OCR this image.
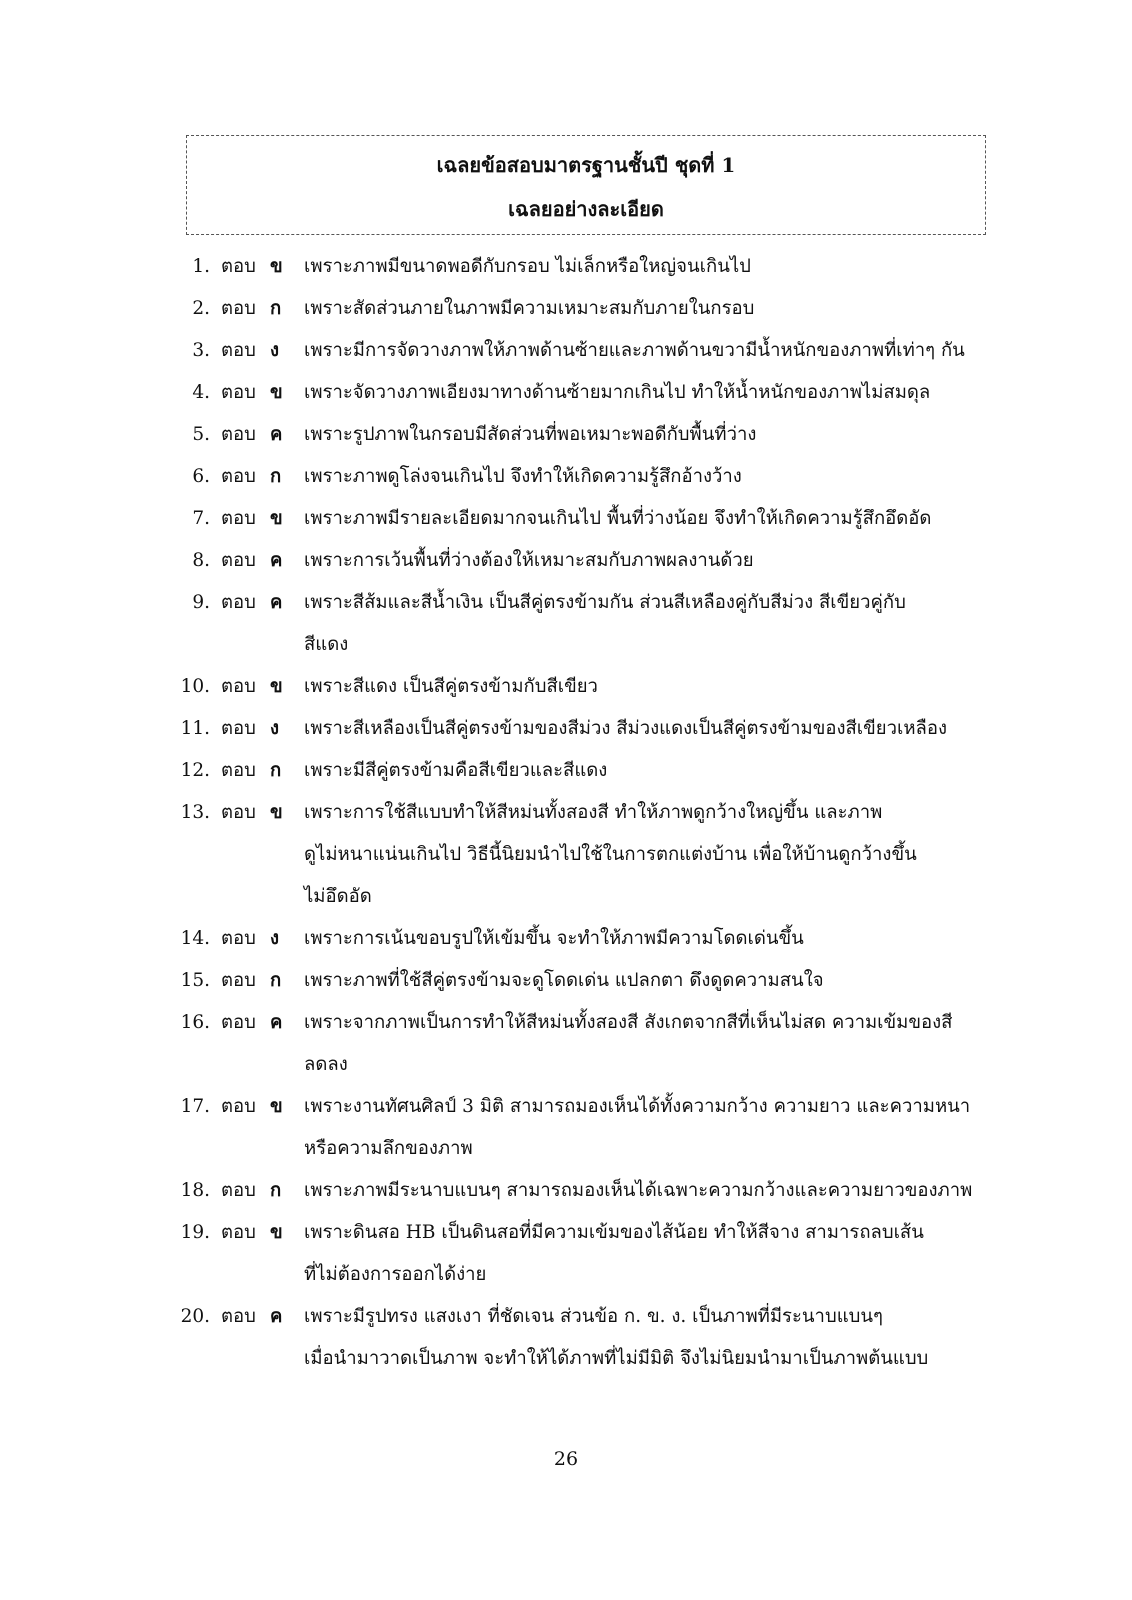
เฉลยข้อสอบมาตรฐานชั้นปี ชุดที่ 1
เฉลยอย่างละเอียด
1. ตอบ ข เพราะภาพมีขนาดพอดีกับกรอบ ไม่เล็กหรือใหญ่จนเกินไป
2. ตอบ ก เพราะสัดส่วนภายในภาพมีความเหมาะสมกับภายในกรอบ
3. ตอบ ง เพราะมีการจัดวางภาพให้ภาพด้านซ้ายและภาพด้านขวามีน้ำหนักของภาพที่เท่าๆ กัน
4. ตอบ ข เพราะจัดวางภาพเอียงมาทางด้านซ้ายมากเกินไป ทำให้น้ำหนักของภาพไม่สมดุล
5. ตอบ ค เพราะรูปภาพในกรอบมีสัดส่วนที่พอเหมาะพอดีกับพื้นที่ว่าง
6. ตอบ ก เพราะภาพดูโล่งจนเกินไป จึงทำให้เกิดความรู้สึกอ้างว้าง
7. ตอบ ข เพราะภาพมีรายละเอียดมากจนเกินไป พื้นที่ว่างน้อย จึงทำให้เกิดความรู้สึกอึดอัด
8. ตอบ ค เพราะการเว้นพื้นที่ว่างต้องให้เหมาะสมกับภาพผลงานด้วย
9. ตอบ ค เพราะสีส้มและสีน้ำเงิน เป็นสีคู่ตรงข้ามกัน ส่วนสีเหลืองคู่กับสีม่วง สีเขียวคู่กับ
สีแดง
10. ตอบ ข เพราะสีแดง เป็นสีคู่ตรงข้ามกับสีเขียว
11. ตอบ ง เพราะสีเหลืองเป็นสีคู่ตรงข้ามของสีม่วง สีม่วงแดงเป็นสีคู่ตรงข้ามของสีเขียวเหลือง
12. ตอบ ก เพราะมีสีคู่ตรงข้ามคือสีเขียวและสีแดง
13. ตอบ ข เพราะการใช้สีแบบทำให้สีหม่นทั้งสองสี ทำให้ภาพดูกว้างใหญ่ขึ้น และภาพ
ดูไม่หนาแน่นเกินไป วิธีนี้นิยมนำไปใช้ในการตกแต่งบ้าน เพื่อให้บ้านดูกว้างขึ้น
ไม่อึดอัด
14. ตอบ ง เพราะการเน้นขอบรูปให้เข้มขึ้น จะทำให้ภาพมีความโดดเด่นขึ้น
15. ตอบ ก เพราะภาพที่ใช้สีคู่ตรงข้ามจะดูโดดเด่น แปลกตา ดึงดูดความสนใจ
16. ตอบ ค เพราะจากภาพเป็นการทำให้สีหม่นทั้งสองสี สังเกตจากสีที่เห็นไม่สด ความเข้มของสี
ลดลง
17. ตอบ ข เพราะงานทัศนศิลป์ 3 มิติ สามารถมองเห็นได้ทั้งความกว้าง ความยาว และความหนา
หรือความลึกของภาพ
18. ตอบ ก เพราะภาพมีระนาบแบนๆ สามารถมองเห็นได้เฉพาะความกว้างและความยาวของภาพ
19. ตอบ ข เพราะดินสอ HB เป็นดินสอที่มีความเข้มของไส้น้อย ทำให้สีจาง สามารถลบเส้น
ที่ไม่ต้องการออกได้ง่าย
20. ตอบ ค เพราะมีรูปทรง แสงเงา ที่ชัดเจน ส่วนข้อ ก. ข. ง. เป็นภาพที่มีระนาบแบนๆ
เมื่อนำมาวาดเป็นภาพ จะทำให้ได้ภาพที่ไม่มีมิติ จึงไม่นิยมนำมาเป็นภาพต้นแบบ
26
